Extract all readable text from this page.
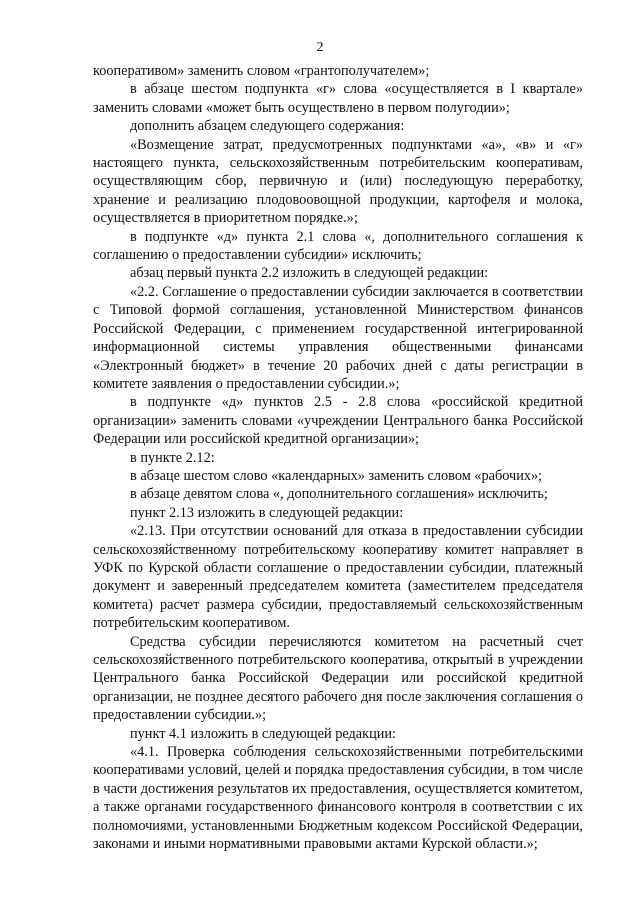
2

кооперативом» заменить словом «грантополучателем»;

в абзаце шестом подпункта «г» слова «осуществляется в I квартале» заменить словами «может быть осуществлено в первом полугодии»;

дополнить абзацем следующего содержания:

«Возмещение затрат, предусмотренных подпунктами «а», «в» и «г» настоящего пункта, сельскохозяйственным потребительским кооперативам, осуществляющим сбор, первичную и (или) последующую переработку, хранение и реализацию плодовоовощной продукции, картофеля и молока, осуществляется в приоритетном порядке.»;

в подпункте «д» пункта 2.1 слова «, дополнительного соглашения к соглашению о предоставлении субсидии» исключить;

абзац первый пункта 2.2 изложить в следующей редакции:

«2.2. Соглашение о предоставлении субсидии заключается в соответствии с Типовой формой соглашения, установленной Министерством финансов Российской Федерации, с применением государственной интегрированной информационной системы управления общественными финансами «Электронный бюджет» в течение 20 рабочих дней с даты регистрации в комитете заявления о предоставлении субсидии.»;

в подпункте «д» пунктов 2.5 - 2.8 слова «российской кредитной организации» заменить словами «учреждении Центрального банка Российской Федерации или российской кредитной организации»;

в пункте 2.12:

в абзаце шестом слово «календарных» заменить словом «рабочих»;

в абзаце девятом слова «, дополнительного соглашения» исключить;

пункт 2.13 изложить в следующей редакции:

«2.13. При отсутствии оснований для отказа в предоставлении субсидии сельскохозяйственному потребительскому кооперативу комитет направляет в УФК по Курской области соглашение о предоставлении субсидии, платежный документ и заверенный председателем комитета (заместителем председателя комитета) расчет размера субсидии, предоставляемый сельскохозяйственным потребительским кооперативом.

Средства субсидии перечисляются комитетом на расчетный счет сельскохозяйственного потребительского кооператива, открытый в учреждении Центрального банка Российской Федерации или российской кредитной организации, не позднее десятого рабочего дня после заключения соглашения о предоставлении субсидии.»;

пункт 4.1 изложить в следующей редакции:

«4.1. Проверка соблюдения сельскохозяйственными потребительскими кооперативами условий, целей и порядка предоставления субсидии, в том числе в части достижения результатов их предоставления, осуществляется комитетом, а также органами государственного финансового контроля в соответствии с их полномочиями, установленными Бюджетным кодексом Российской Федерации, законами и иными нормативными правовыми актами Курской области.»;
